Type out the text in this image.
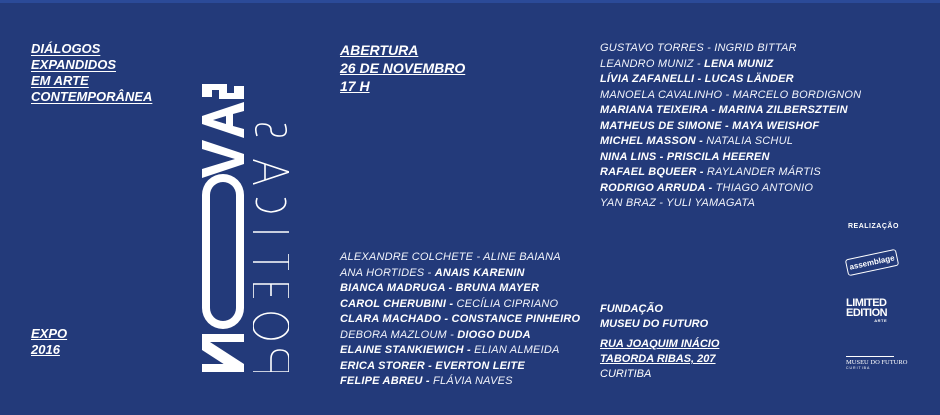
DIÁLOGOS
EXPANDIDOS
EM ARTE
CONTEMPORÂNEA
EXPO
2016
ABERTURA
26 DE NOVEMBRO
17 H
GUSTAVO TORRES - INGRID BITTAR
LEANDRO MUNIZ - LENA MUNIZ
LÍVIA ZAFANELLI - LUCAS LÄNDER
MANOELA CAVALINHO - MARCELO BORDIGNON
MARIANA TEIXEIRA - MARINA ZILBERSZTEIN
MATHEUS DE SIMONE - MAYA WEISHOF
MICHEL MASSON - NATALIA SCHUL
NINA LINS - PRISCILA HEEREN
RAFAEL BQUEER - RAYLANDER MÁRTIS
RODRIGO ARRUDA - THIAGO ANTONIO
YAN BRAZ - YULI YAMAGATA
ALEXANDRE COLCHETE - ALINE BAIANA
ANA HORTIDES - ANAIS KARENIN
BIANCA MADRUGA - BRUNA MAYER
CAROL CHERUBINI - CECÍLIA CIPRIANO
CLARA MACHADO - CONSTANCE PINHEIRO
DEBORA MAZLOUM - DIOGO DUDA
ELAINE STANKIEWICH - ELIAN ALMEIDA
ERICA STORER - EVERTON LEITE
FELIPE ABREU - FLÁVIA NAVES
FUNDAÇÃO
MUSEU DO FUTURO
RUA JOAQUIM INÁCIO
TABORDA RIBAS, 207
CURITIBA
REALIZAÇÃO
assemblage
LIMITED
EDITION
ARTE
MUSEU DO FUTURO
CURITIBA
